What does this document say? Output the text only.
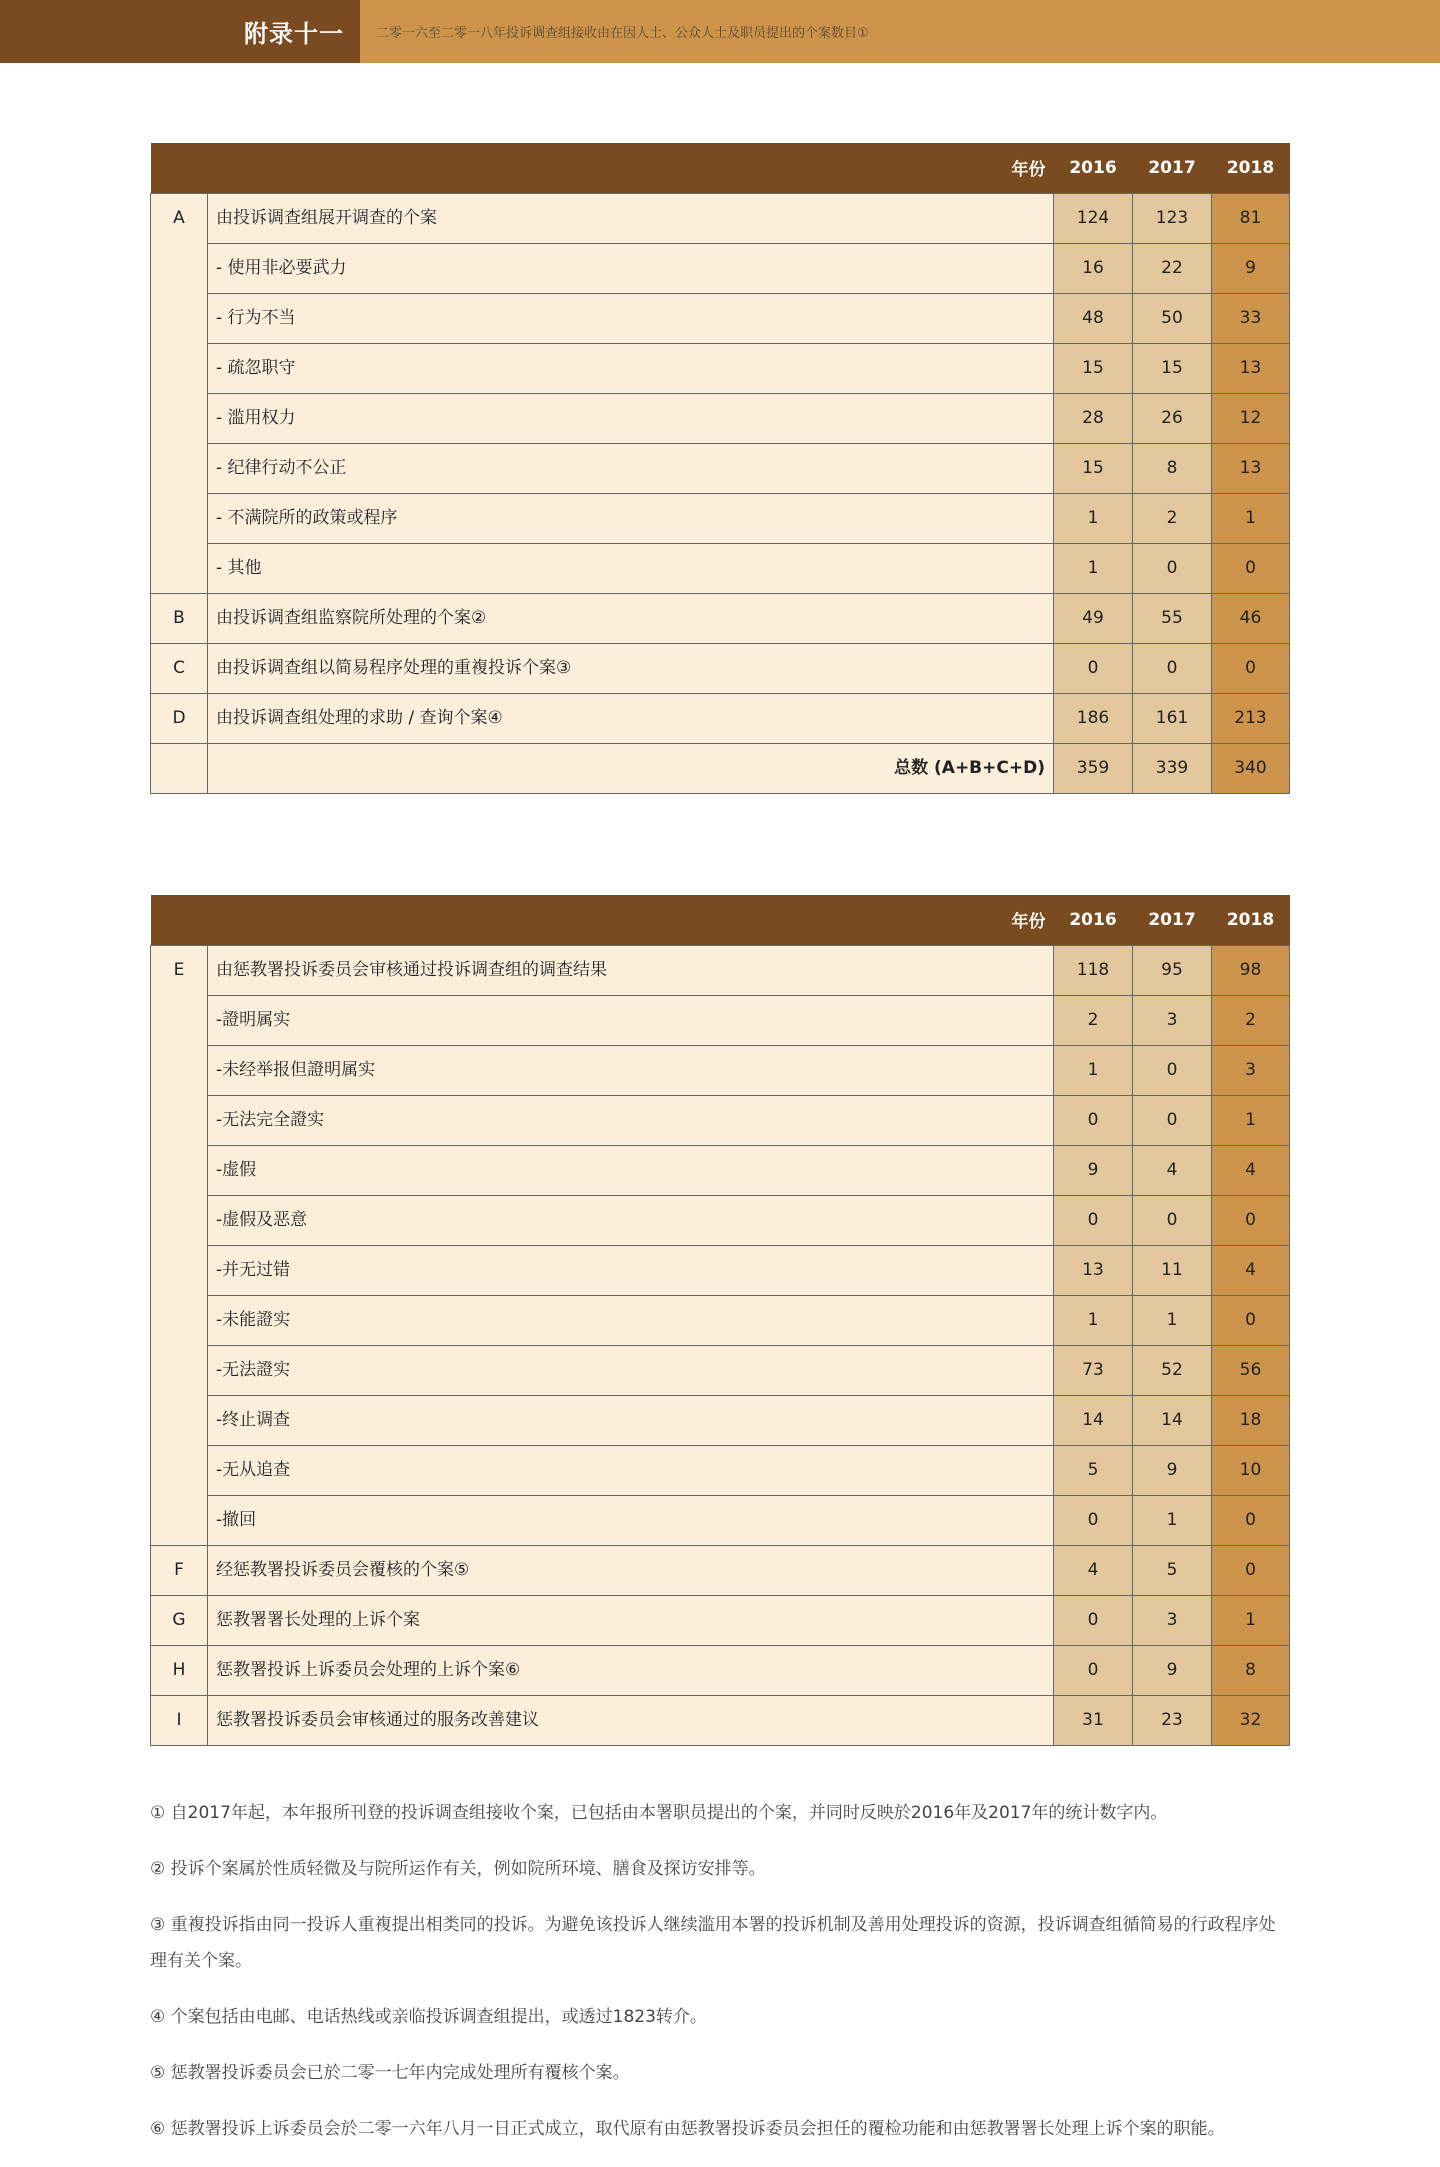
附录十一 二零一六至二零一八年投诉调查组接收由在因人士、公众人士及职员提出的个案数目①
年份		2016	2017	2018
A	由投诉调查组展开调查的个案	124	123	81
	- 使用非必要武力	16	22	9
	- 行为不当	48	50	33
	- 疏忽职守	15	15	13
	- 滥用权力	28	26	12
	- 纪律行动不公正	15	8	13
	- 不满院所的政策或程序	1	2	1
	- 其他	1	0	0
B	由投诉调查组监察院所处理的个案②	49	55	46
C	由投诉调查组以简易程序处理的重複投诉个案③	0	0	0
D	由投诉调查组处理的求助 / 查询个案④	186	161	213
	总数 (A+B+C+D)	359	339	340
年份		2016	2017	2018
E	由惩教署投诉委员会审核通过投诉调查组的调查结果	118	95	98
	-證明属实	2	3	2
	-未经举报但證明属实	1	0	3
	-无法完全證实	0	0	1
	-虚假	9	4	4
	-虚假及恶意	0	0	0
	-并无过错	13	11	4
	-未能證实	1	1	0
	-无法證实	73	52	56
	-终止调查	14	14	18
	-无从追查	5	9	10
	-撤回	0	1	0
F	经惩教署投诉委员会覆核的个案⑤	4	5	0
G	惩教署署长处理的上诉个案	0	3	1
H	惩教署投诉上诉委员会处理的上诉个案⑥	0	9	8
I	惩教署投诉委员会审核通过的服务改善建议	31	23	32

① 自2017年起，本年报所刊登的投诉调查组接收个案，已包括由本署职员提出的个案，并同时反映於2016年及2017年的统计数字内。

② 投诉个案属於性质轻微及与院所运作有关，例如院所环境、膳食及探访安排等。

③ 重複投诉指由同一投诉人重複提出相类同的投诉。为避免该投诉人继续滥用本署的投诉机制及善用处理投诉的资源，投诉调查组循简易的行政程序处理有关个案。

④ 个案包括由电邮、电话热线或亲临投诉调查组提出，或透过1823转介。

⑤ 惩教署投诉委员会已於二零一七年内完成处理所有覆核个案。

⑥ 惩教署投诉上诉委员会於二零一六年八月一日正式成立，取代原有由惩教署投诉委员会担任的覆检功能和由惩教署署长处理上诉个案的职能。
